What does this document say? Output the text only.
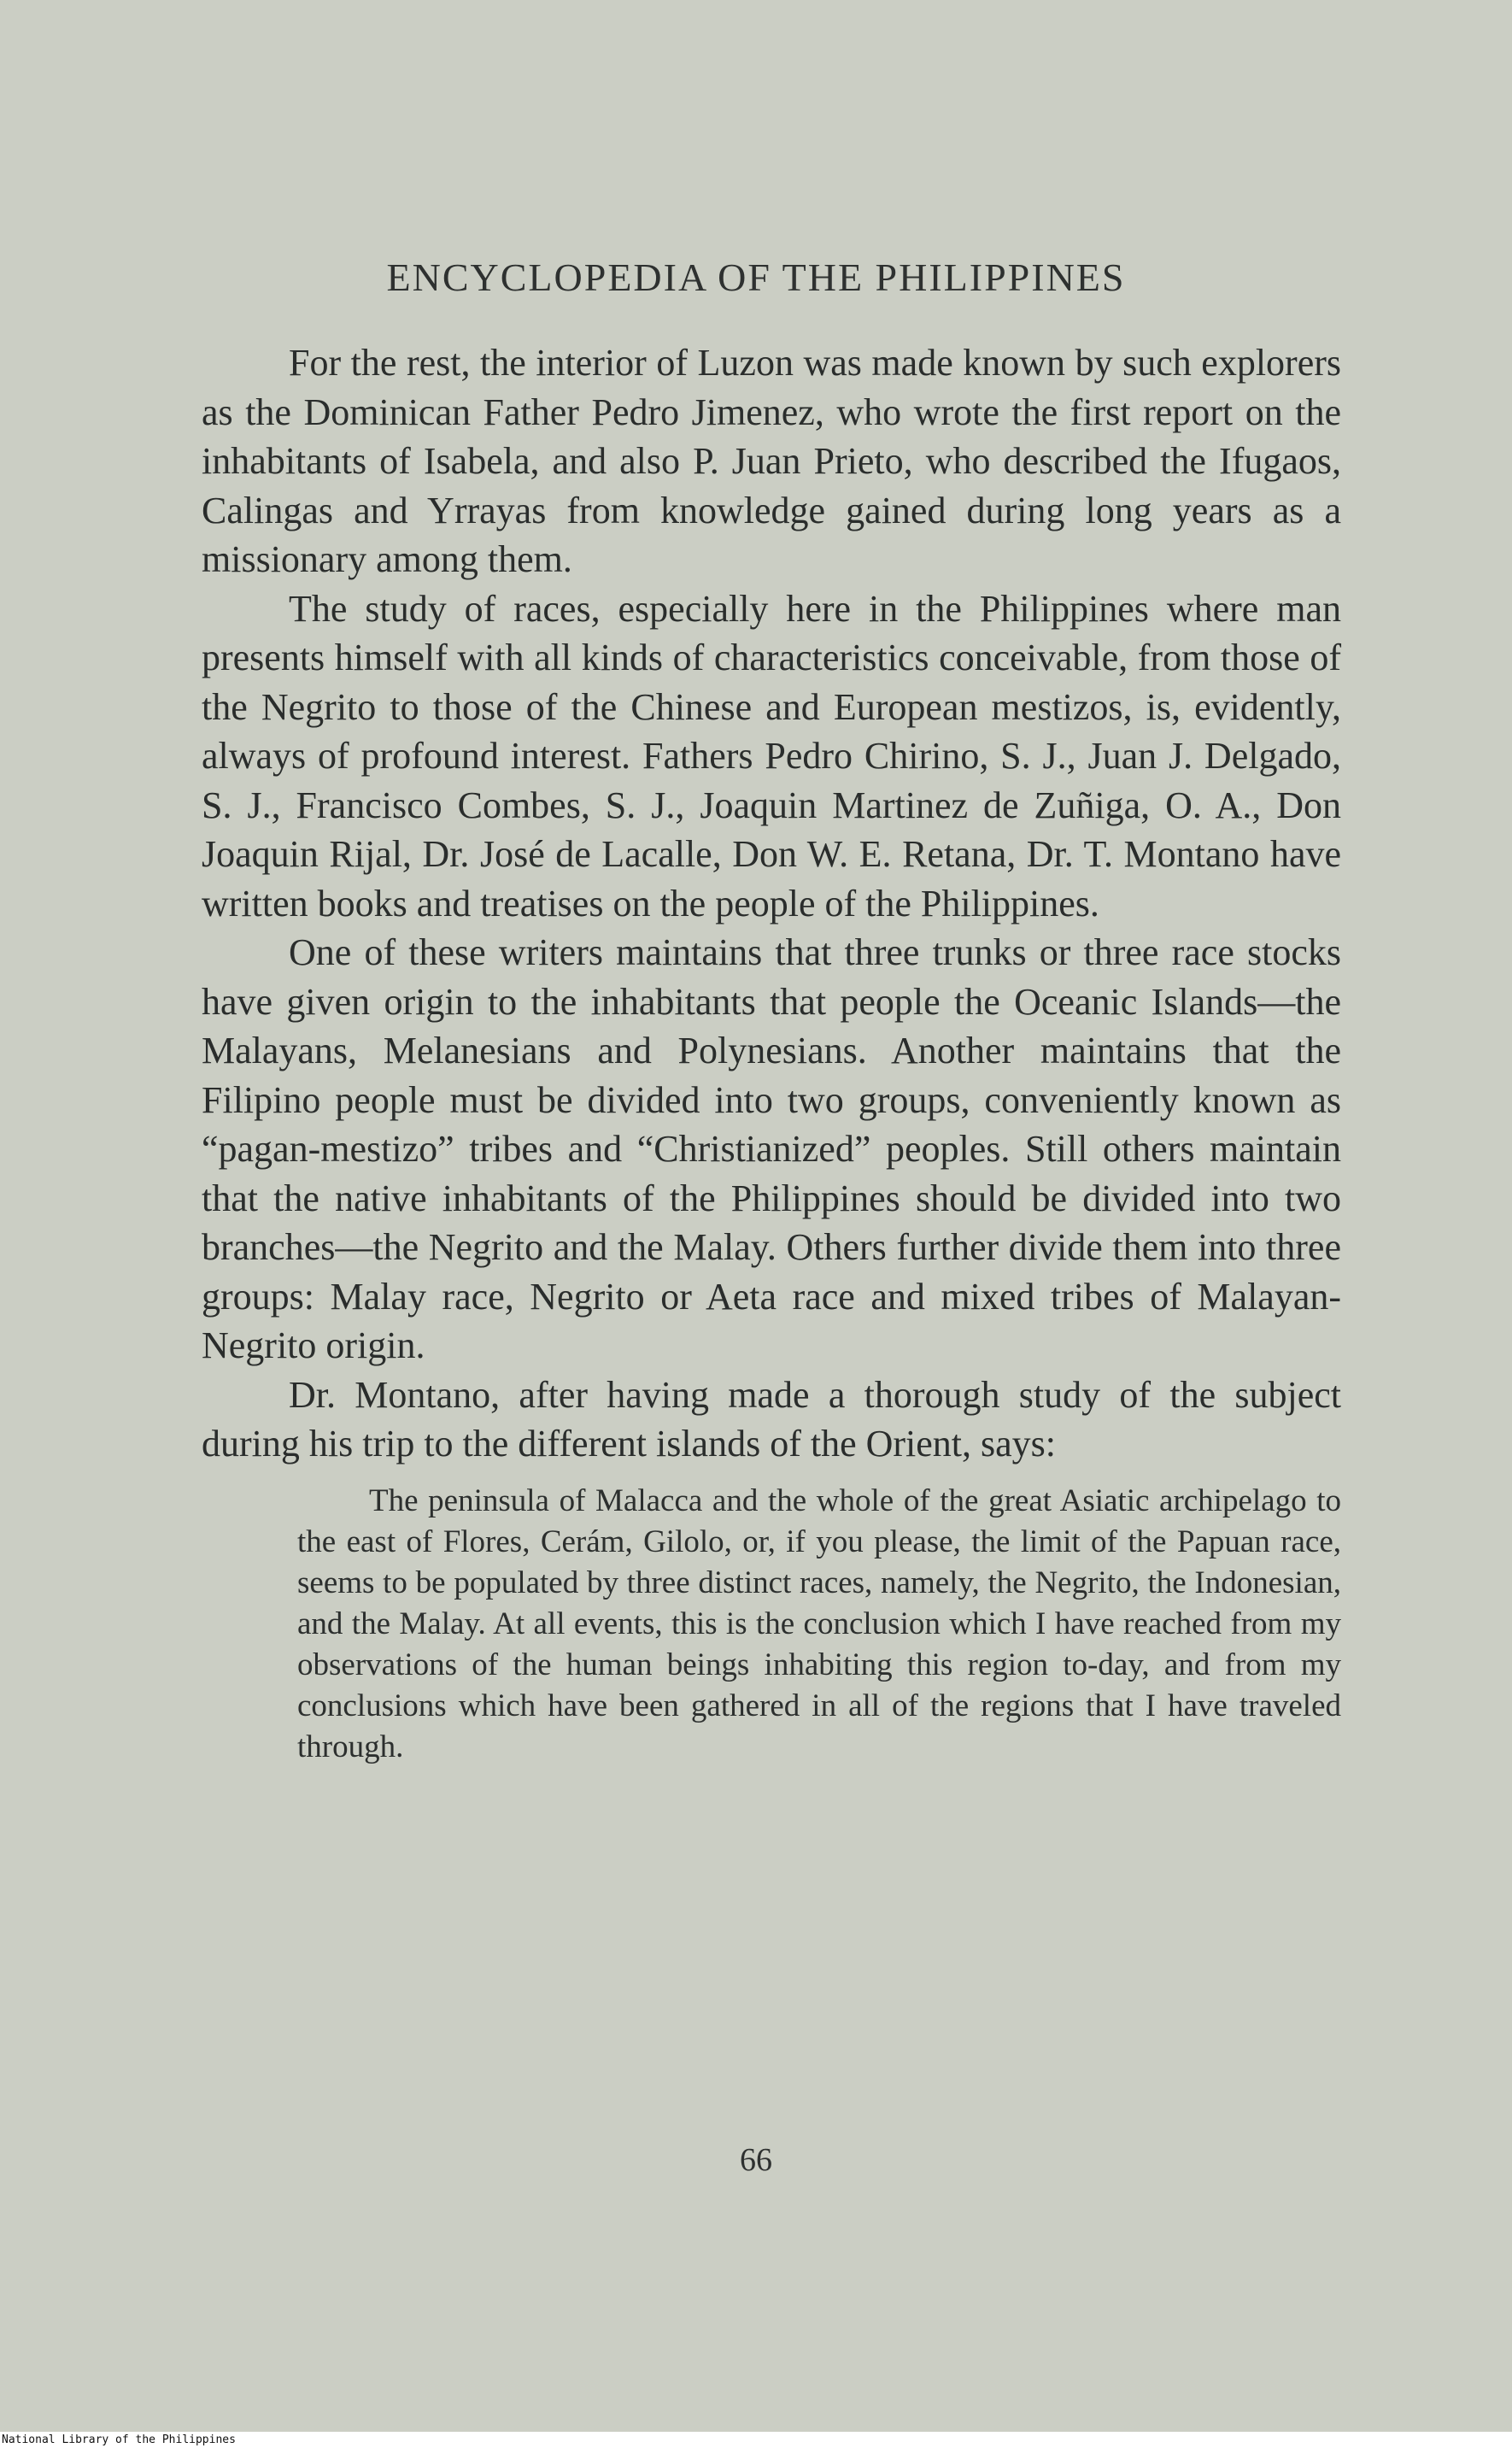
ENCYCLOPEDIA OF THE PHILIPPINES

For the rest, the interior of Luzon was made known by such explorers as the Dominican Father Pedro Jimenez, who wrote the first report on the inhabitants of Isabela, and also P. Juan Prieto, who described the Ifugaos, Calingas and Yrrayas from knowledge gained during long years as a missionary among them.

The study of races, especially here in the Philippines where man presents himself with all kinds of characteristics conceivable, from those of the Negrito to those of the Chinese and European mestizos, is, evidently, always of profound interest. Fathers Pedro Chirino, S. J., Juan J. Delgado, S. J., Francisco Combes, S. J., Joaquin Martinez de Zuñiga, O. A., Don Joaquin Rijal, Dr. José de Lacalle, Don W. E. Retana, Dr. T. Montano have written books and treatises on the people of the Philippines.

One of these writers maintains that three trunks or three race stocks have given origin to the inhabitants that people the Oceanic Islands—the Malayans, Melanesians and Polynesians. Another maintains that the Filipino people must be divided into two groups, conveniently known as “pagan-mestizo” tribes and “Christianized” peoples. Still others maintain that the native inhabitants of the Philippines should be divided into two branches—the Negrito and the Malay. Others further divide them into three groups: Malay race, Negrito or Aeta race and mixed tribes of Malayan-Negrito origin.

Dr. Montano, after having made a thorough study of the subject during his trip to the different islands of the Orient, says:

The peninsula of Malacca and the whole of the great Asiatic archipelago to the east of Flores, Cerám, Gilolo, or, if you please, the limit of the Papuan race, seems to be populated by three distinct races, namely, the Negrito, the Indonesian, and the Malay. At all events, this is the conclusion which I have reached from my observations of the human beings inhabiting this region to-day, and from my conclusions which have been gathered in all of the regions that I have traveled through.

66
National Library of the Philippines
